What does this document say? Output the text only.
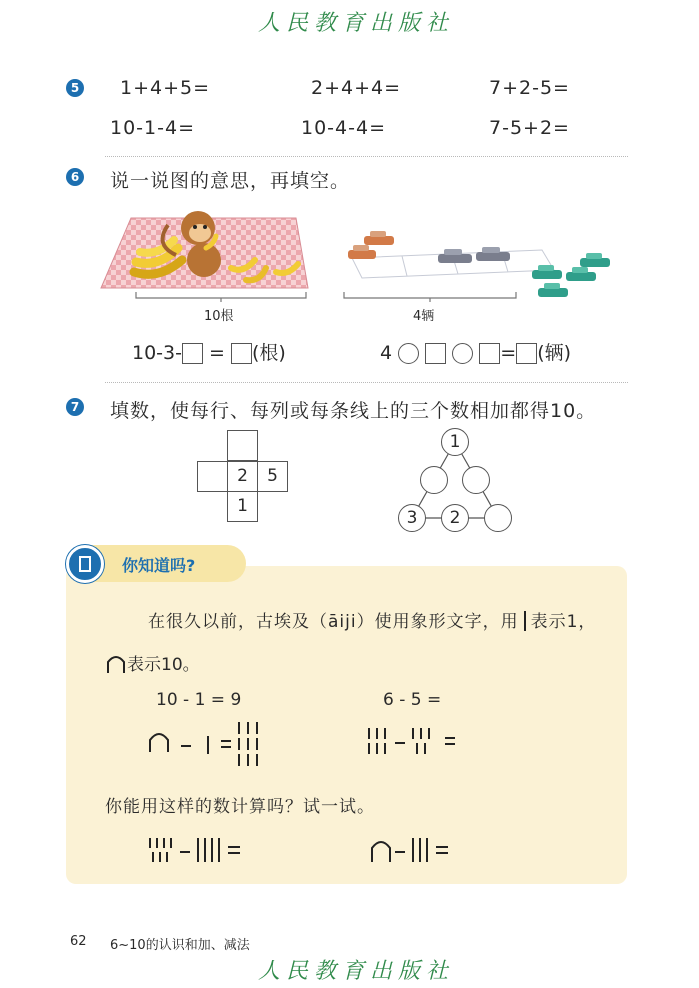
人民教育出版社
5 1+4+5=	2+4+4=	7+2-5=
10-1-4=	10-4-4=	7-5+2=
6 说一说图的意思，再填空。
10根	4辆
10-3- = (根)	4	= (辆)
7 填数，使每行、每列或每条线上的三个数相加都得10。
2	5
1
1
3	2
你知道吗?
在很久以前，古埃及（āiji）使用象形文字，用 表示1，
表示10。
10 - 1 = 9	6 - 5 =
你能用这样的数计算吗？试一试。
62 6~10的认识和加、减法
人民教育出版社
